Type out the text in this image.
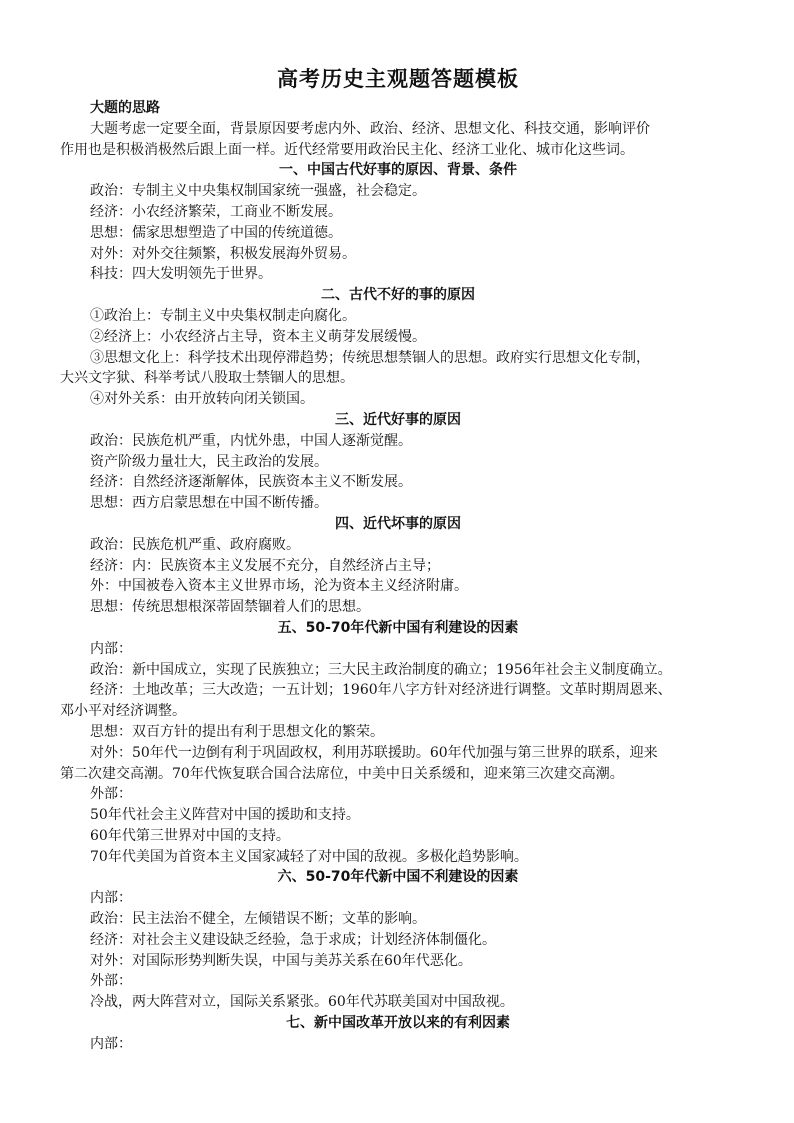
高考历史主观题答题模板

大题的思路

大题考虑一定要全面，背景原因要考虑内外、政治、经济、思想文化、科技交通，影响评价

作用也是积极消极然后跟上面一样。近代经常要用政治民主化、经济工业化、城市化这些词。

一、中国古代好事的原因、背景、条件

政治：专制主义中央集权制国家统一强盛，社会稳定。

经济：小农经济繁荣，工商业不断发展。

思想：儒家思想塑造了中国的传统道德。

对外：对外交往频繁，积极发展海外贸易。

科技：四大发明领先于世界。

二、古代不好的事的原因

①政治上：专制主义中央集权制走向腐化。

②经济上：小农经济占主导，资本主义萌芽发展缓慢。

③思想文化上：科学技术出现停滞趋势；传统思想禁锢人的思想。政府实行思想文化专制，

大兴文字狱、科举考试八股取士禁锢人的思想。

④对外关系：由开放转向闭关锁国。

三、近代好事的原因

政治：民族危机严重，内忧外患，中国人逐渐觉醒。

资产阶级力量壮大，民主政治的发展。

经济：自然经济逐渐解体，民族资本主义不断发展。

思想：西方启蒙思想在中国不断传播。

四、近代坏事的原因

政治：民族危机严重、政府腐败。

经济：内：民族资本主义发展不充分，自然经济占主导；

外：中国被卷入资本主义世界市场，沦为资本主义经济附庸。

思想：传统思想根深蒂固禁锢着人们的思想。

五、50-70年代新中国有利建设的因素

内部：

政治：新中国成立，实现了民族独立；三大民主政治制度的确立；1956年社会主义制度确立。

经济：土地改革；三大改造；一五计划；1960年八字方针对经济进行调整。文革时期周恩来、

邓小平对经济调整。

思想：双百方针的提出有利于思想文化的繁荣。

对外：50年代一边倒有利于巩固政权，利用苏联援助。60年代加强与第三世界的联系，迎来

第二次建交高潮。70年代恢复联合国合法席位，中美中日关系缓和，迎来第三次建交高潮。

外部：

50年代社会主义阵营对中国的援助和支持。

60年代第三世界对中国的支持。

70年代美国为首资本主义国家减轻了对中国的敌视。多极化趋势影响。

六、50-70年代新中国不利建设的因素

内部：

政治：民主法治不健全，左倾错误不断；文革的影响。

经济：对社会主义建设缺乏经验，急于求成；计划经济体制僵化。

对外：对国际形势判断失误，中国与美苏关系在60年代恶化。

外部：

冷战，两大阵营对立，国际关系紧张。60年代苏联美国对中国敌视。

七、新中国改革开放以来的有利因素

内部：
